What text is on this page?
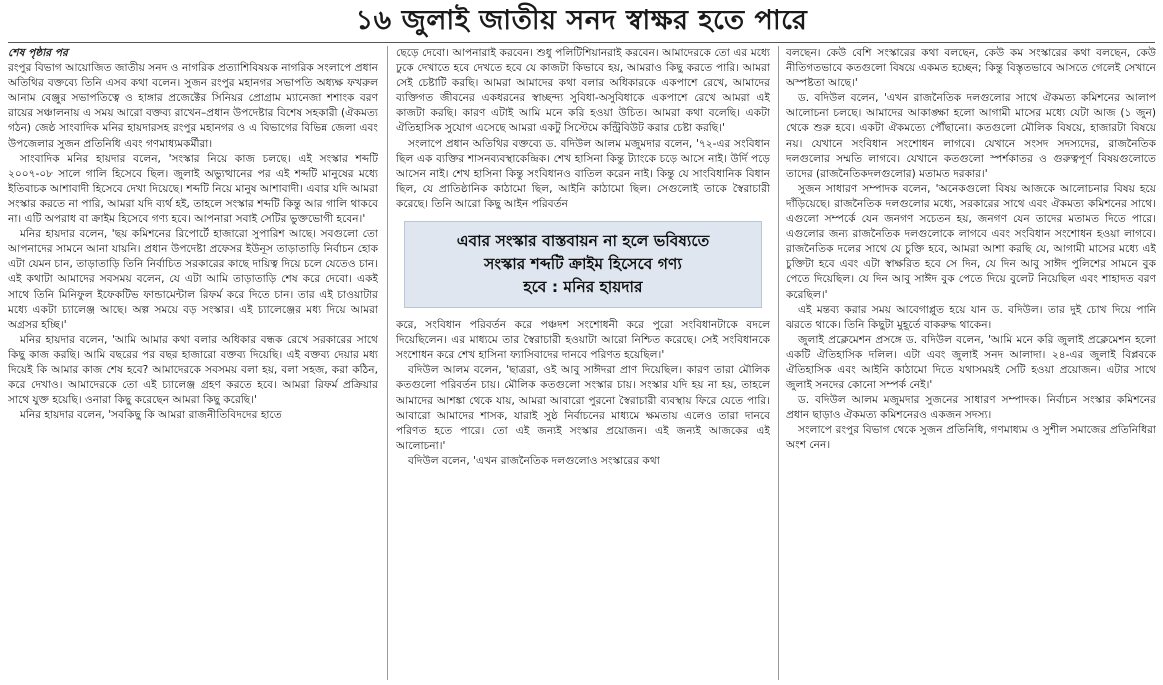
১৬ জুলাই জাতীয় সনদ স্বাক্ষর হতে পারে

শেষ পৃষ্ঠার পর

রংপুর বিভাগ আয়োজিত জাতীয় সনদ ও নাগরিক প্রত্যাশিবিষয়ক নাগরিক সংলাপে প্রধান অতিথির বক্তব্যে তিনি এসব কথা বলেন। সুজন রংপুর মহানগর সভাপতি অধ্যক্ষ ফখরুল আনাম বেঞ্জুর সভাপতিত্বে ও হাঙ্গার প্রজেক্টের সিনিয়র প্রোগ্রাম ম্যানেজা শশাংক বরণ রায়ের সঞ্চালনায় এ সময় আরো বক্তব্য রাখেন–প্রধান উপদেষ্টার বিশেষ সহকারী (ঐকমত্য গঠন) জেষ্ঠ সাংবাদিক মনির হায়দারসহ রংপুর মহানগর ও এ বিভাগের বিভিন্ন জেলা এবং উপজেলার সুজন প্রতিনিধি এবং গণমাধ্যমকর্মীরা।

সাংবাদিক মনির হায়দার বলেন, 'সংস্কার নিয়ে কাজ চলছে। এই সংস্কার শব্দটি ২০০৭-০৮ সালে গালি হিসেবে ছিল। জুলাই অভ্যুত্থানের পর এই শব্দটি মানুষের মধ্যে ইতিবাচক আশাবাদী হিসেবে দেখা দিয়েছে। শব্দটি নিয়ে মানুষ আশাবাদী। এবার যদি আমরা সংস্কার করতে না পারি, আমরা যদি ব্যর্থ হই, তাহলে সংস্কার শব্দটি কিন্তু আর গালি থাকবে না। এটি অপরাধ বা ক্রাইম হিসেবে গণ্য হবে। আপনারা সবাই সেটির ভুক্তভোগী হবেন।'

মনির হায়দার বলেন, 'ছয় কমিশনের রিপোর্টে হাজারো সুপারিশ আছে। সবগুলো তো আপনাদের সামনে আনা যায়নি। প্রধান উপদেষ্টা প্রফেসর ইউনূস তাড়াতাড়ি নির্বাচন হোক এটা যেমন চান, তাড়াতাড়ি তিনি নির্বাচিত সরকারের কাছে দায়িত্ব দিয়ে চলে যেতেও চান। এই কথাটা আমাদের সবসময় বলেন, যে এটা আমি তাড়াতাড়ি শেষ করে দেবো। একই সাথে তিনি মিনিফুল ইফেকটিভ ফান্ডামেন্টাল রিফর্ম করে দিতে চান। তার এই চাওয়াটার মধ্যে একটা চ্যালেঞ্জ আছে। অল্প সময়ে বড় সংস্কার। এই চ্যালেঞ্জের মধ্য দিয়ে আমরা অগ্রসর হচ্ছি।'

মনির হায়দার বলেন, 'আমি আমার কথা বলার অধিকার বন্ধক রেখে সরকারের সাথে কিছু কাজ করছি। আমি বছরের পর বছর হাজারো বক্তব্য দিয়েছি। এই বক্তব্য দেয়ার মধ্য দিয়েই কি আমার কাজ শেষ হবে? আমাদেরকে সবসময় বলা হয়, বলা সহজ, করা কঠিন, করে দেখাও। আমাদেরকে তো এই চ্যালেঞ্জ গ্রহণ করতে হবে। আমরা রিফর্ম প্রক্রিয়ার সাথে যুক্ত হয়েছি। ওনারা কিছু করেছেন আমরা কিছু করেছি।'

মনির হায়দার বলেন, 'সবকিছু কি আমরা রাজনীতিবিদদের হাতে

ছেড়ে দেবো। আপনারাই করবেন। শুধু পলিটিশিয়ানরাই করবেন। আমাদেরকে তো এর মধ্যে ঢুকে দেখাতে হবে দেখতে হবে যে কাজটা কিভাবে হয়, আমরাও কিছু করতে পারি। আমরা সেই চেষ্টাটি করছি। আমরা আমাদের কথা বলার অধিকারকে একপাশে রেখে, আমাদের ব্যক্তিগত জীবনের একধরনের স্বাচ্ছন্দ্য সুবিধা-অসুবিধাকে একপাশে রেখে আমরা এই কাজটা করছি। কারণ এটাই আমি মনে করি হওয়া উচিত। আমরা কথা বলেছি। একটা ঐতিহাসিক সুযোগ এসেছে আমরা একটু সিস্টেমে কন্ট্রিবিউট করার চেষ্টা করছি।'

সংলাপে প্রধান অতিথির বক্তব্যে ড. বদিউল আলম মজুমদার বলেন, '৭২-এর সংবিধান ছিল এক ব্যক্তির শাসনব্যবস্থাকেন্দ্রিক। শেখ হাসিনা কিন্তু ট্যাংকে চড়ে আসে নাই। উর্দি পড়ে আসেন নাই। শেখ হাসিনা কিন্তু সংবিধানও বাতিল করেন নাই। কিন্তু যে সাংবিধানিক বিধান ছিল, যে প্রাতিষ্ঠানিক কাঠামো ছিল, আইনি কাঠামো ছিল। সেগুলোই তাকে স্বৈরাচারী করেছে। তিনি আরো কিছু আইন পরিবর্তন

এবার সংস্কার বাস্তবায়ন না হলে ভবিষ্যতে
সংস্কার শব্দটি ক্রাইম হিসেবে গণ্য
হবে : মনির হায়দার

করে, সংবিধান পরিবর্তন করে পঞ্চদশ সংশোধনী করে পুরো সংবিধানটাকে বদলে দিয়েছিলেন। এর মাধ্যমে তার স্বৈরাচারী হওয়াটা আরো নিশ্চিত করেছে। সেই সংবিধানকে সংশোধন করে শেখ হাসিনা ফ্যাসিবাদের দানবে পরিণত হয়েছিল।'

বদিউল আলম বলেন, 'ছাত্ররা, ওই আবু সাঈদরা প্রাণ দিয়েছিল। কারণ তারা মৌলিক কতগুলো পরিবর্তন চায়। মৌলিক কতগুলো সংস্কার চায়। সংস্কার যদি হয় না হয়, তাহলে আমাদের আশঙ্কা থেকে যায়, আমরা আবারো পুরনো স্বৈরাচারী ব্যবস্থায় ফিরে যেতে পারি। আবারো আমাদের শাসক, যারাই সুষ্ঠ নির্বাচনের মাধ্যমে ক্ষমতায় এলেও তারা দানবে পরিণত হতে পারে। তো এই জন্যই সংস্কার প্রয়োজন। এই জন্যই আজকের এই আলোচনা।'

বদিউল বলেন, 'এখন রাজনৈতিক দলগুলোও সংস্কারের কথা

বলছেন। কেউ বেশি সংস্কারের কথা বলছেন, কেউ কম সংস্কারের কথা বলছেন, কেউ নীতিগতভাবে কতগুলো বিষয়ে একমত হচ্ছেন; কিন্তু বিস্তৃতভাবে আসতে গেলেই সেখানে অস্পষ্টতা আছে।'

ড. বদিউল বলেন, 'এখন রাজনৈতিক দলগুলোর সাথে ঐকমত্য কমিশনের আলাপ আলোচনা চলছে। আমাদের আকাঙ্ক্ষা হলো আগামী মাসের মধ্যে যেটা আজ (১ জুন) থেকে শুরু হবে। একটা ঐকমত্যে পৌঁছানো। কতগুলো মৌলিক বিষয়ে, হাজারটা বিষয়ে নয়। যেখানে সংবিধান সংশোধন লাগবে। যেখানে সংসদ সদস্যদের, রাজনৈতিক দলগুলোর সম্মতি লাগবে। যেখানে কতগুলো স্পর্শকাতর ও গুরুত্বপূর্ণ বিষয়গুলোতে তাদের (রাজনৈতিকদলগুলোর) মতামত দরকার।'

সুজন সাধারণ সম্পাদক বলেন, 'অনেকগুলো বিষয় আজকে আলোচনার বিষয় হয়ে দাঁড়িয়েছে। রাজনৈতিক দলগুলোর মধ্যে, সরকারের সাথে এবং ঐকমত্য কমিশনের সাথে। এগুলো সম্পর্কে যেন জনগণ সচেতন হয়, জনগণ যেন তাদের মতামত দিতে পারে। এগুলোর জন্য রাজনৈতিক দলগুলোকে লাগবে এবং সংবিধান সংশোধন হওয়া লাগবে। রাজনৈতিক দলের সাথে যে চুক্তি হবে, আমরা আশা করছি যে, আগামী মাসের মধ্যে এই চুক্তিটা হবে এবং এটা স্বাক্ষরিত হবে সে দিন, যে দিন আবু সাঈদ পুলিশের সামনে বুক পেতে দিয়েছিল। যে দিন আবু সাঈদ বুক পেতে দিয়ে বুলেট নিয়েছিল এবং শাহাদত বরণ করেছিল।'

এই মন্তব্য করার সময় আবেগাপ্লুত হয়ে যান ড. বদিউল। তার দুই চোখ দিয়ে পানি ঝরতে থাকে। তিনি কিছুটা মুহূর্তে বাকরুদ্ধ থাকেন।

জুলাই প্রক্লেমেশন প্রসঙ্গে ড. বদিউল বলেন, 'আমি মনে করি জুলাই প্রক্লেমেশন হলো একটি ঐতিহাসিক দলিল। এটা এবং জুলাই সনদ আলাদা। ২৪-এর জুলাই বিপ্লবকে ঐতিহাসিক এবং আইনি কাঠামো দিতে যথাসময়ই সেটি হওয়া প্রয়োজন। এটার সাথে জুলাই সনদের কোনো সম্পর্ক নেই।'

ড. বদিউল আলম মজুমদার সুজনের সাধারণ সম্পাদক। নির্বাচন সংস্কার কমিশনের প্রধান ছাড়াও ঐকমত্য কমিশনেরও একজন সদস্য।

সংলাপে রংপুর বিভাগ থেকে সুজন প্রতিনিধি, গণমাধ্যম ও সুশীল সমাজের প্রতিনিধিরা অংশ নেন।
